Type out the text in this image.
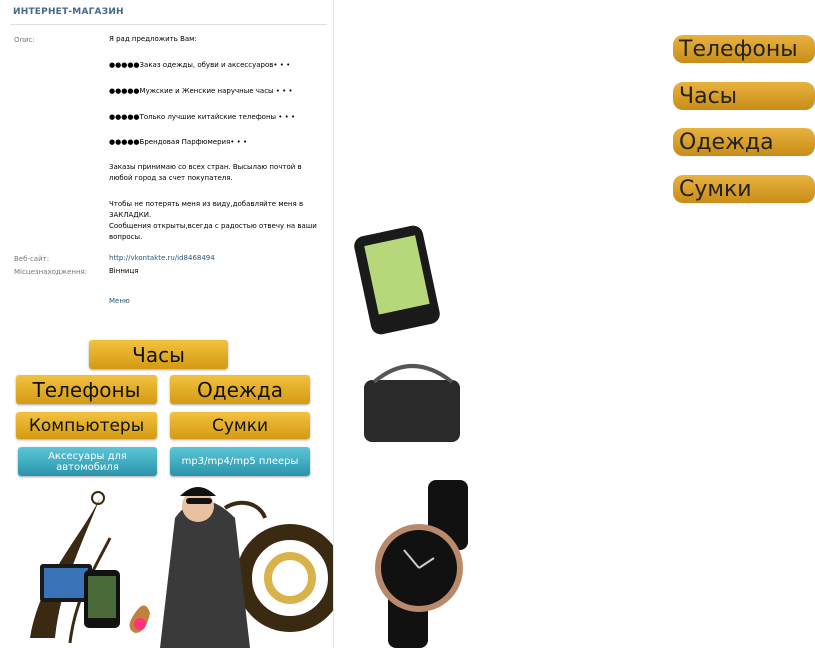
ИНТЕРНЕТ-МАГАЗИН
Опис:	Я рад предложить Вам:
●●●●●Заказ одежды, обуви и аксессуаров• • •
●●●●●Мужские и Женские наручные часы • • •
●●●●●Только лучшие китайские телефоны • • •
●●●●●Брендовая Парфюмерия• • •
Заказы принимаю со всех стран. Высылаю почтой в любой город за счет покупателя.
Чтобы не потерять меня из виду,добавляйте меня в ЗАКЛАДКИ.
Сообщения открыты,всегда с радостью отвечу на ваши вопросы.
Веб-сайт:	http://vkontakte.ru/id8468494
Місцезнаходження:	Вінниця
Меню
Часы
Телефоны	Одежда
Компьютеры	Сумки
Аксесуары для автомобиля	mp3/mp4/mp5 плееры
Телефоны
Часы
Одежда
Сумки
